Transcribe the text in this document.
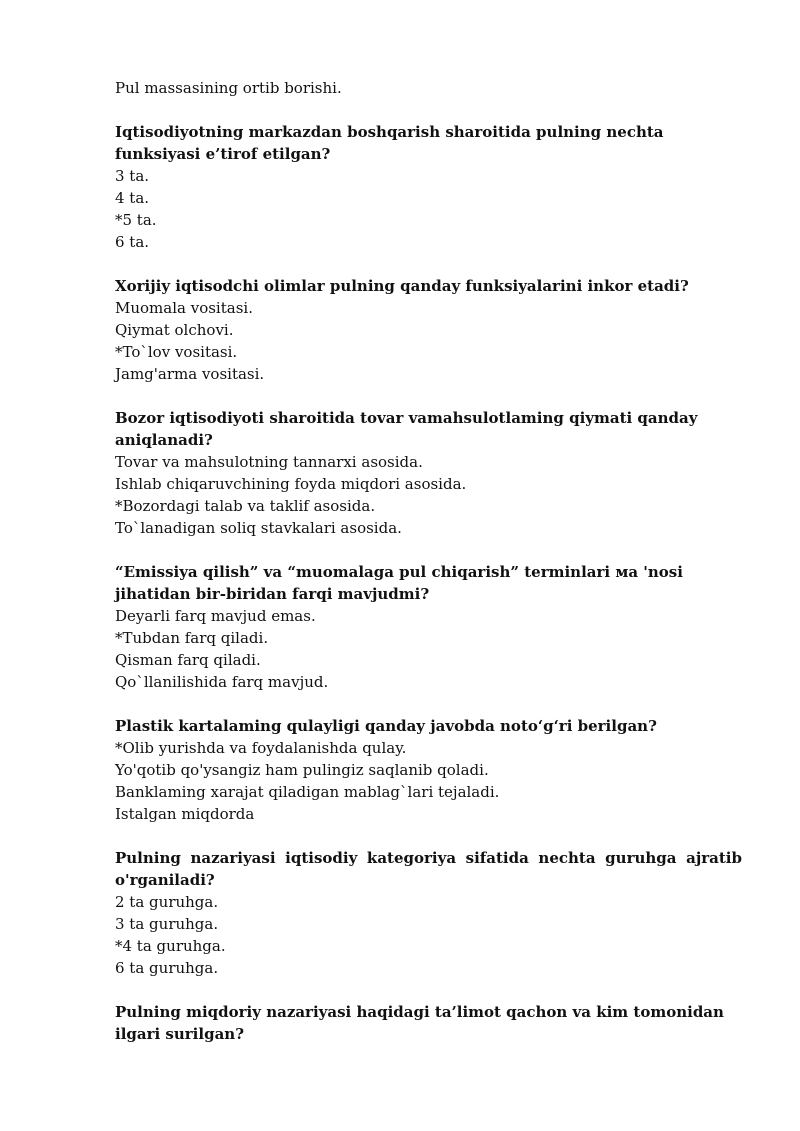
Pul massasining ortib borishi.
Iqtisodiyotning markazdan boshqarish sharoitida pulning nechta funksiyasi e’tirof etilgan?
3 ta.
4 ta.
*5 ta.
6 ta.
Xorijiy iqtisodchi olimlar pulning qanday funksiyalarini inkor etadi?
Muomala vositasi.
Qiymat olchovi.
*To`lov vositasi.
Jamg'arma vositasi.
Bozor iqtisodiyoti sharoitida tovar vamahsulotlaming qiymati qanday aniqlanadi?
Tovar va mahsulotning tannarxi asosida.
Ishlab chiqaruvchining foyda miqdori asosida.
*Bozordagi talab va taklif asosida.
To`lanadigan soliq stavkalari asosida.
“Emissiya qilish” va “muomalaga pul chiqarish” terminlari ма 'nosi jihatidan bir-biridan farqi mavjudmi?
Deyarli farq mavjud emas.
*Tubdan farq qiladi.
Qisman farq qiladi.
Qo`llanilishida farq mavjud.
Plastik kartalaming qulayligi qanday javobda noto‘g‘ri berilgan?
*Olib yurishda va foydalanishda qulay.
Yo'qotib qo'ysangiz ham pulingiz saqlanib qoladi.
Banklaming xarajat qiladigan mablag`lari tejaladi.
Istalgan miqdorda
Pulning nazariyasi iqtisodiy kategoriya sifatida nechta guruhga ajratib o'rganiladi?
2 ta guruhga.
3 ta guruhga.
*4 ta guruhga.
6 ta guruhga.
Pulning miqdoriy nazariyasi haqidagi ta’limot qachon va kim tomonidan ilgari surilgan?
